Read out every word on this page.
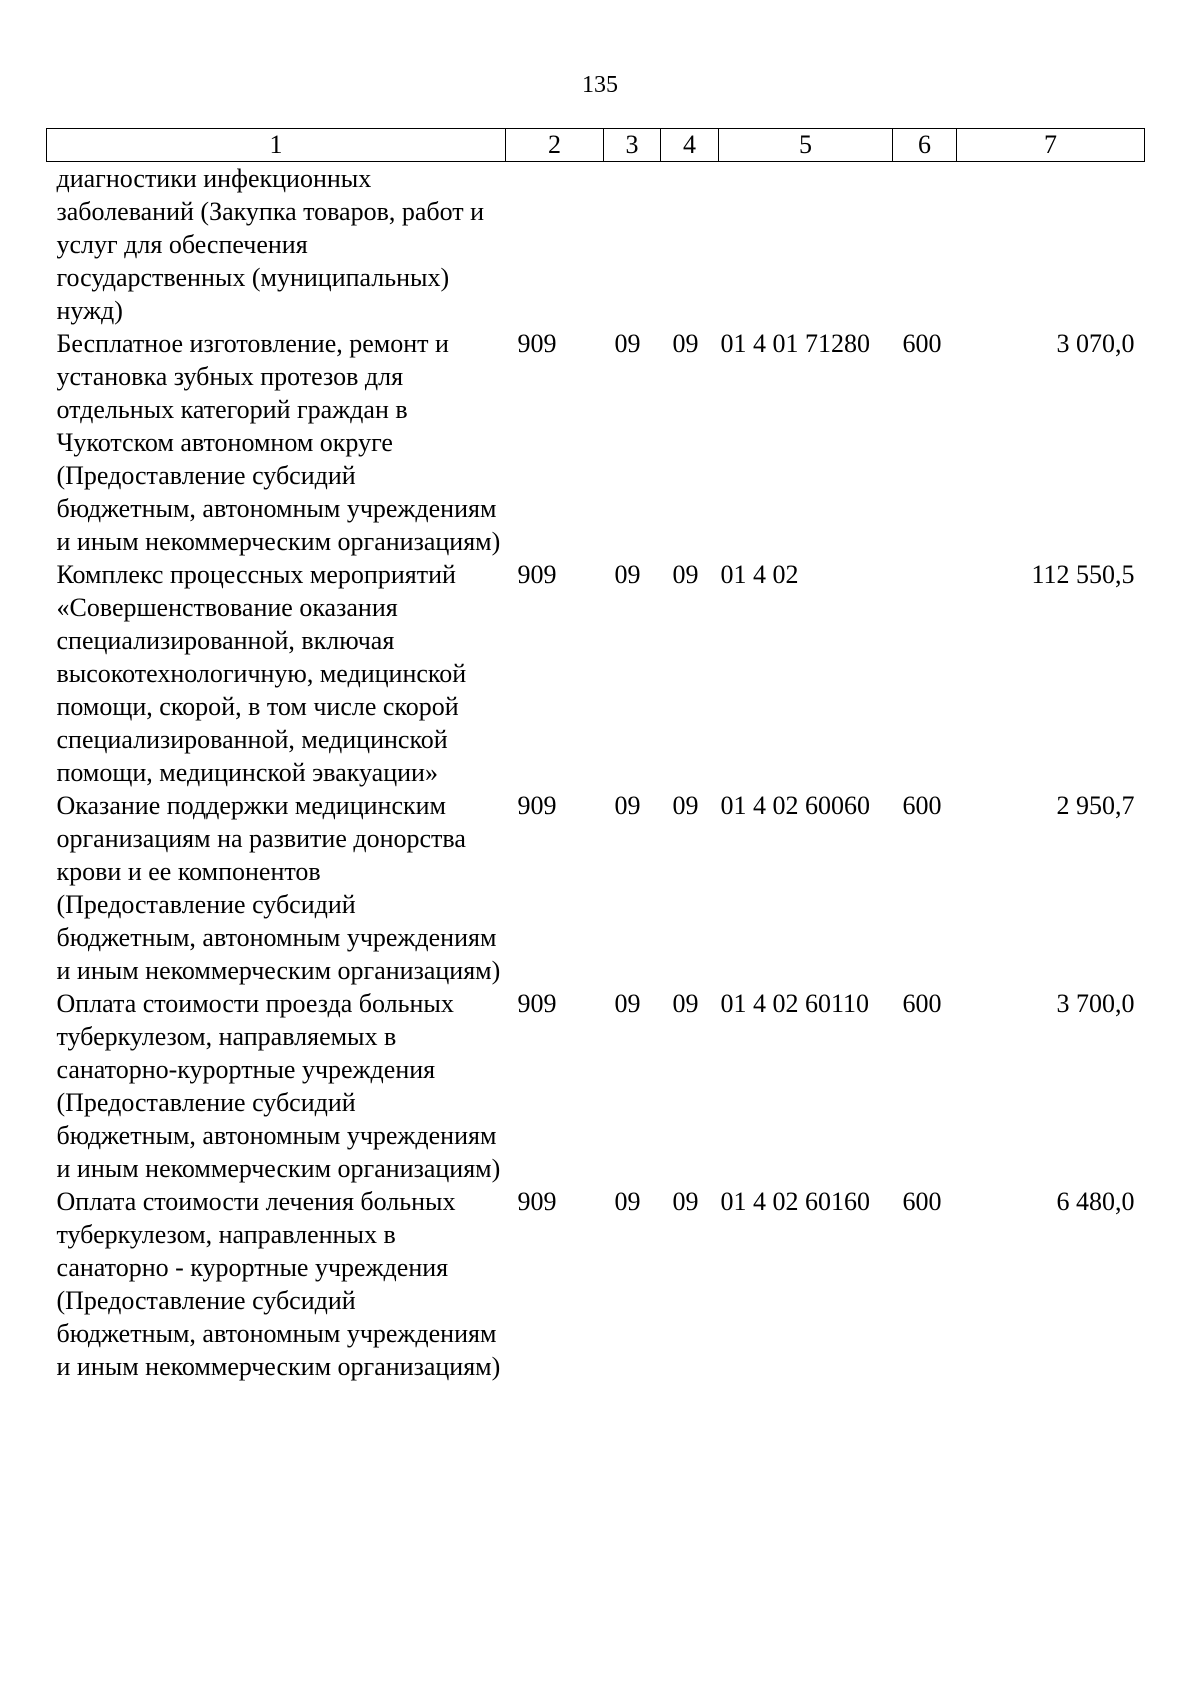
135
1	2	3	4	5	6	7
диагностики инфекционных заболеваний (Закупка товаров, работ и услуг для обеспечения государственных (муниципальных) нужд)						
Бесплатное изготовление, ремонт и установка зубных протезов для отдельных категорий граждан в Чукотском автономном округе (Предоставление субсидий бюджетным, автономным учреждениям и иным некоммерческим организациям)	909	09	09	01 4 01 71280	600	3 070,0
Комплекс процессных мероприятий «Совершенствование оказания специализированной, включая высокотехнологичную, медицинской помощи, скорой, в том числе скорой специализированной, медицинской помощи, медицинской эвакуации»	909	09	09	01 4 02		112 550,5
Оказание поддержки медицинским организациям на развитие донорства крови и ее компонентов (Предоставление субсидий бюджетным, автономным учреждениям и иным некоммерческим организациям)	909	09	09	01 4 02 60060	600	2 950,7
Оплата стоимости проезда больных туберкулезом, направляемых в санаторно-курортные учреждения (Предоставление субсидий бюджетным, автономным учреждениям и иным некоммерческим организациям)	909	09	09	01 4 02 60110	600	3 700,0
Оплата стоимости лечения больных туберкулезом, направленных в санаторно - курортные учреждения (Предоставление субсидий бюджетным, автономным учреждениям и иным некоммерческим организациям)	909	09	09	01 4 02 60160	600	6 480,0
